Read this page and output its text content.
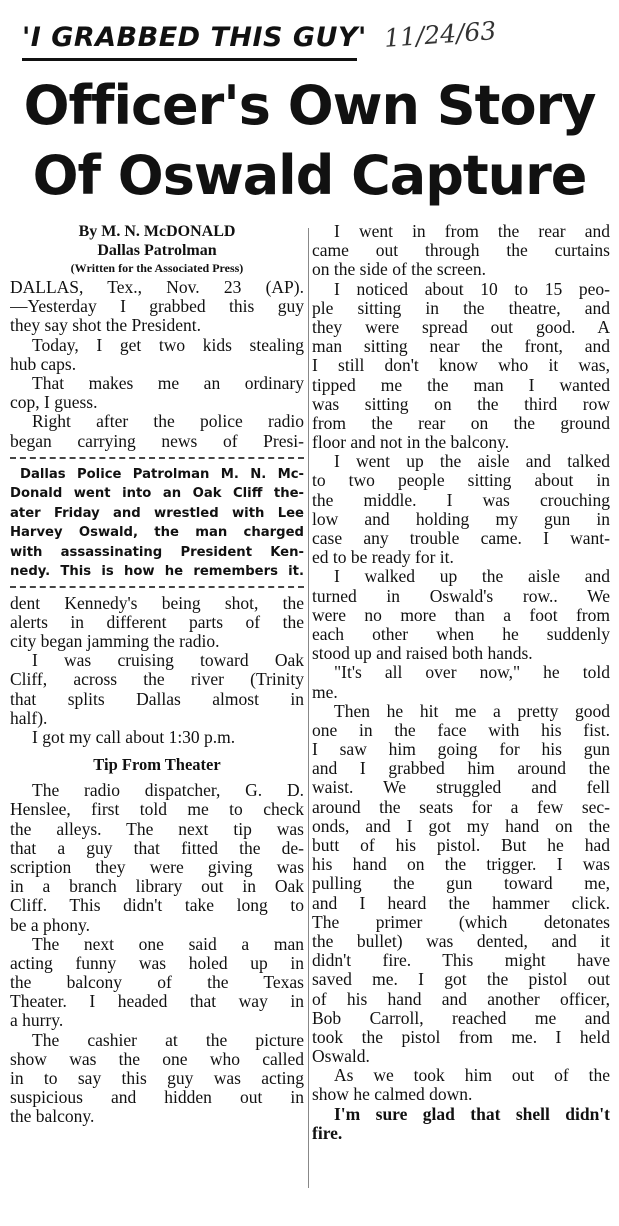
'I GRABBED THIS GUY' 11/24/63
Officer's Own Story
Of Oswald Capture
By M. N. McDONALD
Dallas Patrolman
(Written for the Associated Press)
DALLAS, Tex., Nov. 23 (AP).
—Yesterday I grabbed this guy
they say shot the President.
Today, I get two kids stealing
hub caps.
That makes me an ordinary
cop, I guess.
Right after the police radio
began carrying news of Presi-
Dallas Police Patrolman M. N. Mc-
Donald went into an Oak Cliff the-
ater Friday and wrestled with Lee
Harvey Oswald, the man charged
with assassinating President Ken-
nedy. This is how he remembers it.
dent Kennedy's being shot, the
alerts in different parts of the
city began jamming the radio.
I was cruising toward Oak
Cliff, across the river (Trinity
that splits Dallas almost in
half).
I got my call about 1:30 p.m.
Tip From Theater
The radio dispatcher, G. D.
Henslee, first told me to check
the alleys. The next tip was
that a guy that fitted the de-
scription they were giving was
in a branch library out in Oak
Cliff. This didn't take long to
be a phony.
The next one said a man
acting funny was holed up in
the balcony of the Texas
Theater. I headed that way in
a hurry.
The cashier at the picture
show was the one who called
in to say this guy was acting
suspicious and hidden out in
the balcony.
I went in from the rear and
came out through the curtains
on the side of the screen.
I noticed about 10 to 15 peo-
ple sitting in the theatre, and
they were spread out good. A
man sitting near the front, and
I still don't know who it was,
tipped me the man I wanted
was sitting on the third row
from the rear on the ground
floor and not in the balcony.
I went up the aisle and talked
to two people sitting about in
the middle. I was crouching
low and holding my gun in
case any trouble came. I want-
ed to be ready for it.
I walked up the aisle and
turned in Oswald's row.. We
were no more than a foot from
each other when he suddenly
stood up and raised both hands.
"It's all over now," he told
me.
Then he hit me a pretty good
one in the face with his fist.
I saw him going for his gun
and I grabbed him around the
waist. We struggled and fell
around the seats for a few sec-
onds, and I got my hand on the
butt of his pistol. But he had
his hand on the trigger. I was
pulling the gun toward me,
and I heard the hammer click.
The primer (which detonates
the bullet) was dented, and it
didn't fire. This might have
saved me. I got the pistol out
of his hand and another officer,
Bob Carroll, reached me and
took the pistol from me. I held
Oswald.
As we took him out of the
show he calmed down.
I'm sure glad that shell didn't
fire.
